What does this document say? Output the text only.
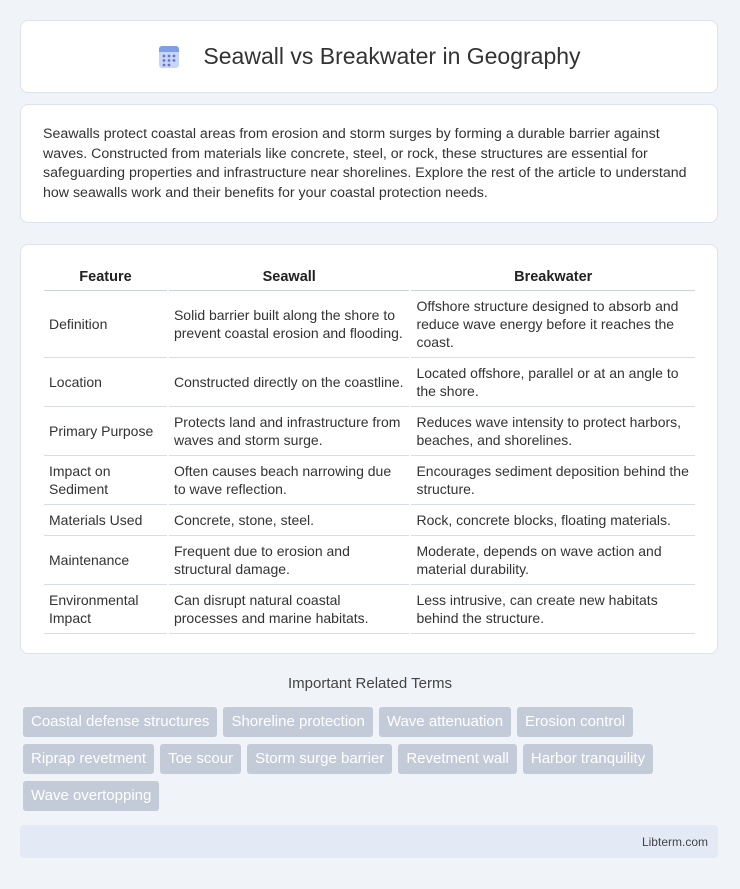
Seawall vs Breakwater in Geography
Seawalls protect coastal areas from erosion and storm surges by forming a durable barrier against waves. Constructed from materials like concrete, steel, or rock, these structures are essential for safeguarding properties and infrastructure near shorelines. Explore the rest of the article to understand how seawalls work and their benefits for your coastal protection needs.
Feature	Seawall	Breakwater
Definition	Solid barrier built along the shore to prevent coastal erosion and flooding.	Offshore structure designed to absorb and reduce wave energy before it reaches the coast.
Location	Constructed directly on the coastline.	Located offshore, parallel or at an angle to the shore.
Primary Purpose	Protects land and infrastructure from waves and storm surge.	Reduces wave intensity to protect harbors, beaches, and shorelines.
Impact on Sediment	Often causes beach narrowing due to wave reflection.	Encourages sediment deposition behind the structure.
Materials Used	Concrete, stone, steel.	Rock, concrete blocks, floating materials.
Maintenance	Frequent due to erosion and structural damage.	Moderate, depends on wave action and material durability.
Environmental Impact	Can disrupt natural coastal processes and marine habitats.	Less intrusive, can create new habitats behind the structure.
Important Related Terms
Coastal defense structures	Shoreline protection	Wave attenuation	Erosion control
Riprap revetment	Toe scour	Storm surge barrier	Revetment wall	Harbor tranquility
Wave overtopping
Libterm.com
